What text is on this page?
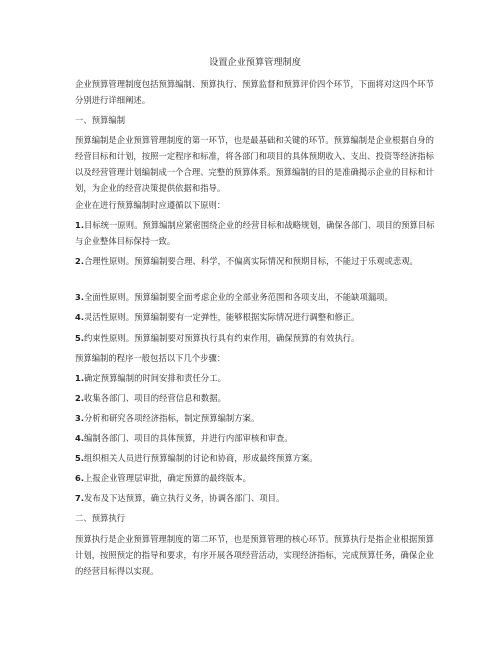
设置企业预算管理制度

企业预算管理制度包括预算编制、预算执行、预算监督和预算评价四个环节，下面将对这四个环节分别进行详细阐述。

一、预算编制

预算编制是企业预算管理制度的第一环节，也是最基础和关键的环节。预算编制是企业根据自身的经营目标和计划，按照一定程序和标准，将各部门和项目的具体预期收入、支出、投资等经济指标以及经营管理计划编制成一个合理、完整的预算体系。预算编制的目的是准确揭示企业的目标和计划，为企业的经营决策提供依据和指导。

企业在进行预算编制时应遵循以下原则：

1.目标统一原则。预算编制应紧密围绕企业的经营目标和战略规划，确保各部门、项目的预算目标与企业整体目标保持一致。

2.合理性原则。预算编制要合理、科学，不偏离实际情况和预期目标，不能过于乐观或悲观。

3.全面性原则。预算编制要全面考虑企业的全部业务范围和各项支出，不能缺项漏项。

4.灵活性原则。预算编制要有一定弹性，能够根据实际情况进行调整和修正。

5.约束性原则。预算编制要对预算执行具有约束作用，确保预算的有效执行。

预算编制的程序一般包括以下几个步骤：

1.确定预算编制的时间安排和责任分工。

2.收集各部门、项目的经营信息和数据。

3.分析和研究各项经济指标，制定预算编制方案。

4.编制各部门、项目的具体预算，并进行内部审核和审查。

5.组织相关人员进行预算编制的讨论和协商，形成最终预算方案。

6.上报企业管理层审批，确定预算的最终版本。

7.发布及下达预算，确立执行义务，协调各部门、项目。

二、预算执行

预算执行是企业预算管理制度的第二环节，也是预算管理的核心环节。预算执行是指企业根据预算计划，按照预定的指导和要求，有序开展各项经营活动，实现经济指标，完成预算任务，确保企业的经营目标得以实现。
